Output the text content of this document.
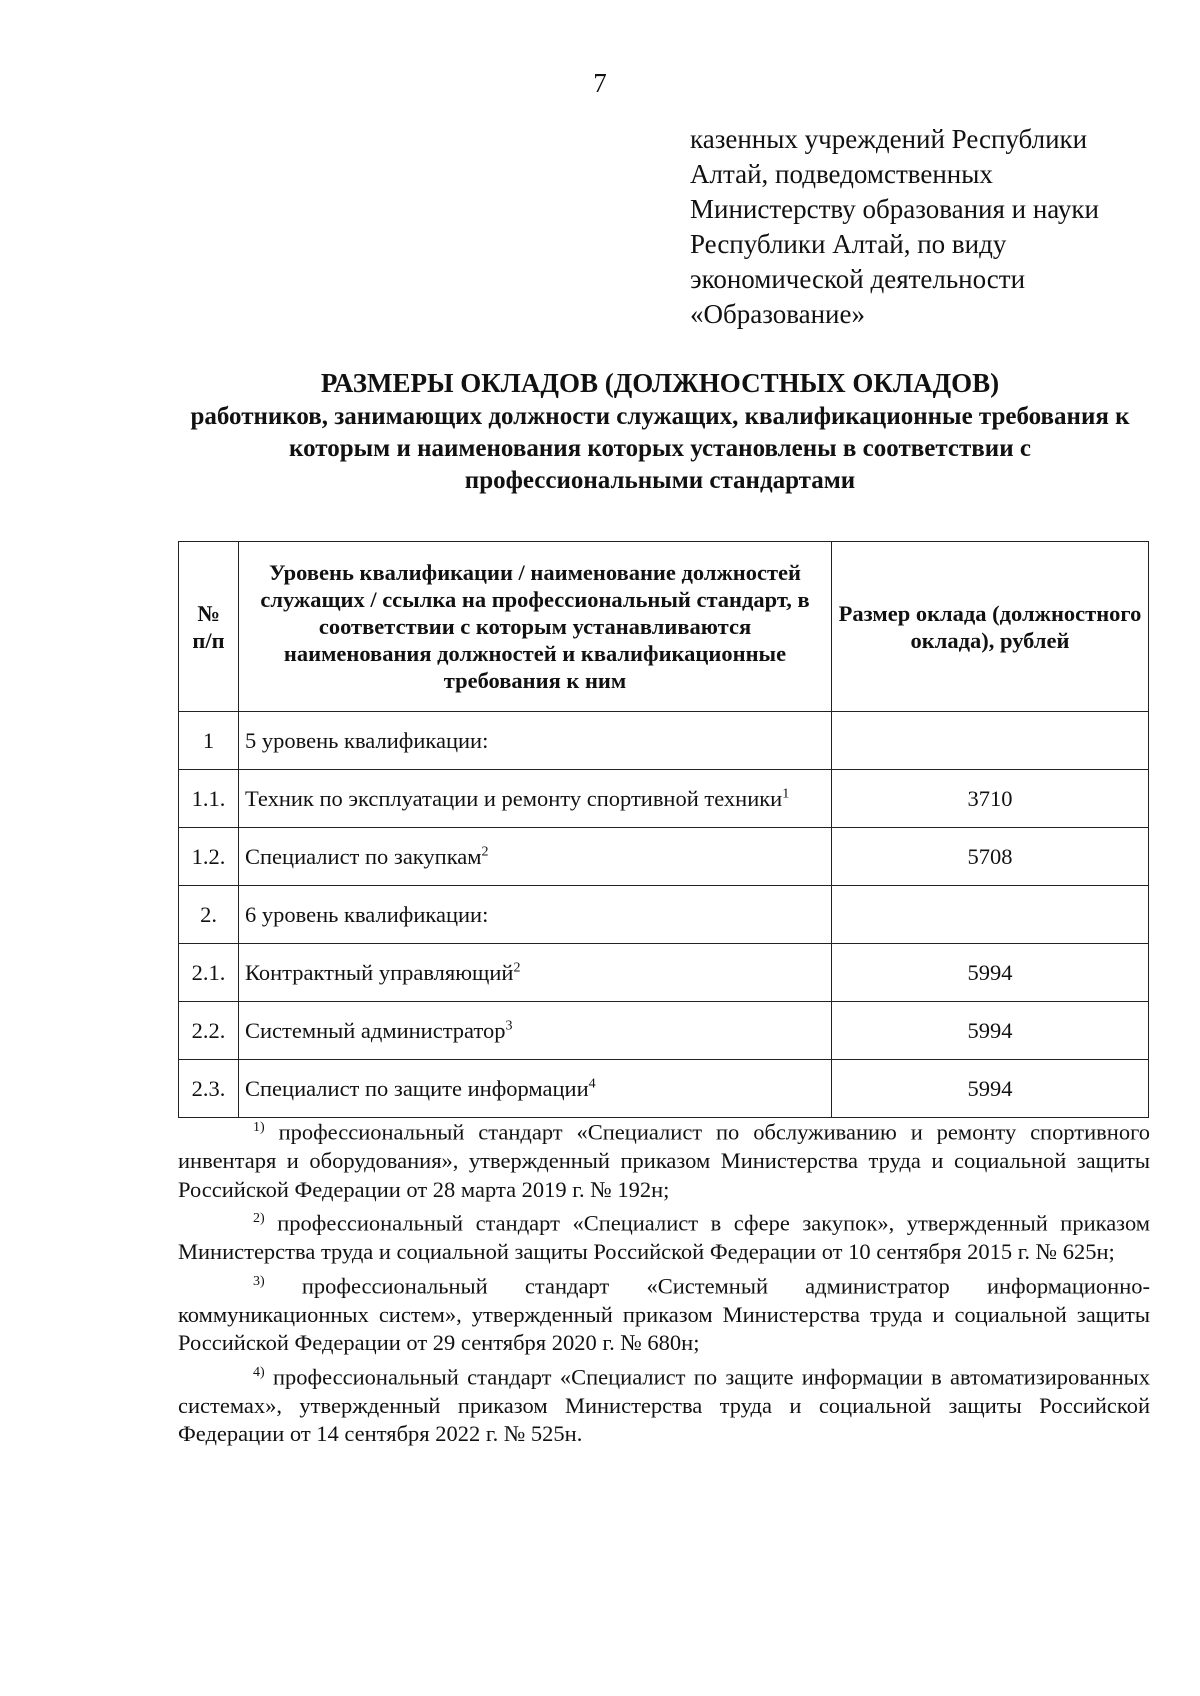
7
казенных учреждений Республики
Алтай, подведомственных
Министерству образования и науки
Республики Алтай, по виду
экономической деятельности
«Образование»
РАЗМЕРЫ ОКЛАДОВ (ДОЛЖНОСТНЫХ ОКЛАДОВ)
работников, занимающих должности служащих, квалификационные требования к которым и наименования которых установлены в соответствии с профессиональными стандартами
№ п/п	Уровень квалификации / наименование должностей служащих / ссылка на профессиональный стандарт, в соответствии с которым устанавливаются наименования должностей и квалификационные требования к ним	Размер оклада (должностного оклада), рублей
1	5 уровень квалификации:	
1.1.	Техник по эксплуатации и ремонту спортивной техники$^1$	3710
1.2.	Специалист по закупкам$^2$	5708
2.	6 уровень квалификации:	
2.1.	Контрактный управляющий$^2$	5994
2.2.	Системный администратор$^3$	5994
2.3.	Специалист по защите информации$^4$	5994

$^{1)}$ профессиональный стандарт «Специалист по обслуживанию и ремонту спортивного инвентаря и оборудования», утвержденный приказом Министерства труда и социальной защиты Российской Федерации от 28 марта 2019 г. № 192н;

$^{2)}$ профессиональный стандарт «Специалист в сфере закупок», утвержденный приказом Министерства труда и социальной защиты Российской Федерации от 10 сентября 2015 г. № 625н;

$^{3)}$ профессиональный стандарт «Системный администратор информационно-коммуникационных систем», утвержденный приказом Министерства труда и социальной защиты Российской Федерации от 29 сентября 2020 г. № 680н;

$^{4)}$ профессиональный стандарт «Специалист по защите информации в автоматизированных системах», утвержденный приказом Министерства труда и социальной защиты Российской Федерации от 14 сентября 2022 г. № 525н.
